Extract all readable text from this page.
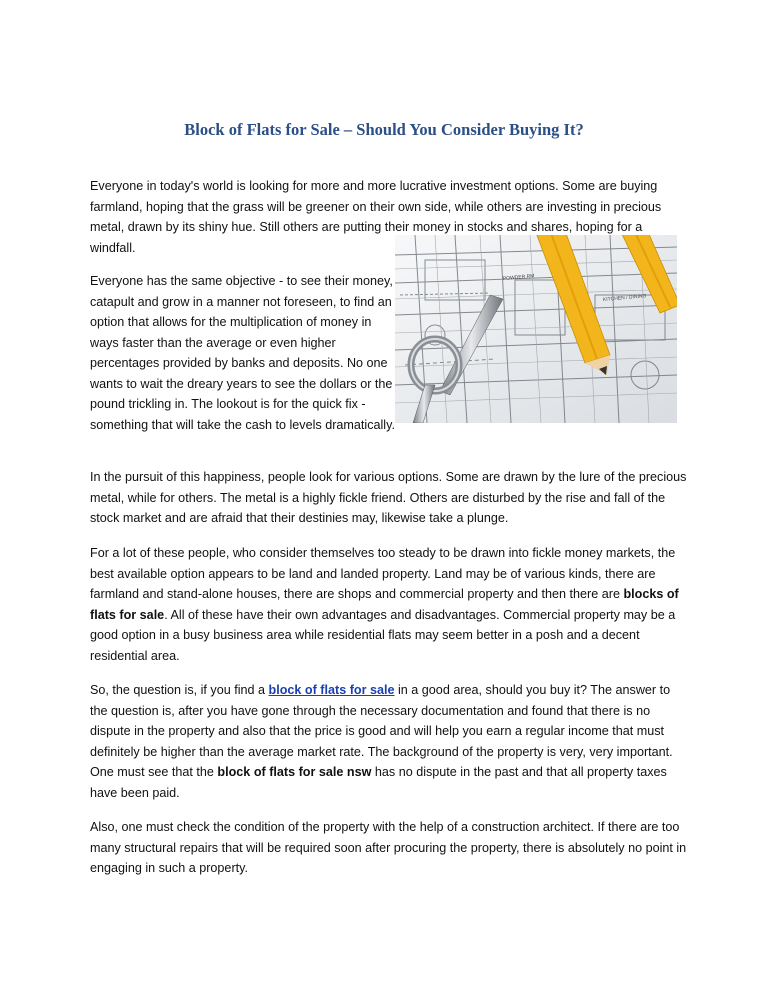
Block of Flats for Sale – Should You Consider Buying It?

Everyone in today's world is looking for more and more lucrative investment options. Some are buying farmland, hoping that the grass will be greener on their own side, while others are investing in precious metal, drawn by its shiny hue. Still others are putting their money in stocks and shares, hoping for a windfall.

Everyone has the same objective - to see their money, catapult and grow in a manner not foreseen, to find an option that allows for the multiplication of money in ways faster than the average or even higher percentages provided by banks and deposits. No one wants to wait the dreary years to see the dollars or the pound trickling in. The lookout is for the quick fix - something that will take the cash to levels dramatically.

POWDER RM
KITCHEN / DINING

In the pursuit of this happiness, people look for various options. Some are drawn by the lure of the precious metal, while for others. The metal is a highly fickle friend. Others are disturbed by the rise and fall of the stock market and are afraid that their destinies may, likewise take a plunge.

For a lot of these people, who consider themselves too steady to be drawn into fickle money markets, the best available option appears to be land and landed property. Land may be of various kinds, there are farmland and stand-alone houses, there are shops and commercial property and then there are blocks of flats for sale. All of these have their own advantages and disadvantages. Commercial property may be a good option in a busy business area while residential flats may seem better in a posh and a decent residential area.

So, the question is, if you find a block of flats for sale in a good area, should you buy it? The answer to the question is, after you have gone through the necessary documentation and found that there is no dispute in the property and also that the price is good and will help you earn a regular income that must definitely be higher than the average market rate. The background of the property is very, very important. One must see that the block of flats for sale nsw has no dispute in the past and that all property taxes have been paid.

Also, one must check the condition of the property with the help of a construction architect. If there are too many structural repairs that will be required soon after procuring the property, there is absolutely no point in engaging in such a property.
